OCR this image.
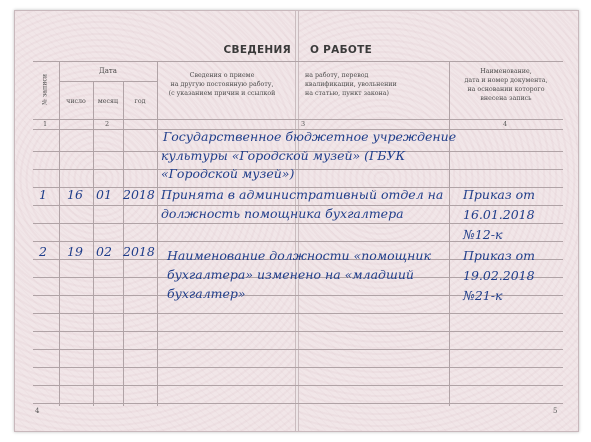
СВЕДЕНИЯ О РАБОТЕ
№ записи
Дата
число	месяц	год
Сведения о приеме
на другую постоянную работу,
(с указанием причин и ссылкой
на работу, перевод
квалификации, увольнении
на статью, пункт закона)
Наименование,
дата и номер документа,
на основании которого
внесена запись
1	2	3	4
Государственное бюджетное учреждение
культуры «Городской музей» (ГБУК
«Городской музей»)
1 16 01 2018 Принята в административный отдел на
должность помощника бухгалтера
Приказ от
16.01.2018
№12-к
2 19 02 2018 Наименование должности «помощник
бухгалтера» изменено на «младший
бухгалтер»
Приказ от
19.02.2018
№21-к
4	5
